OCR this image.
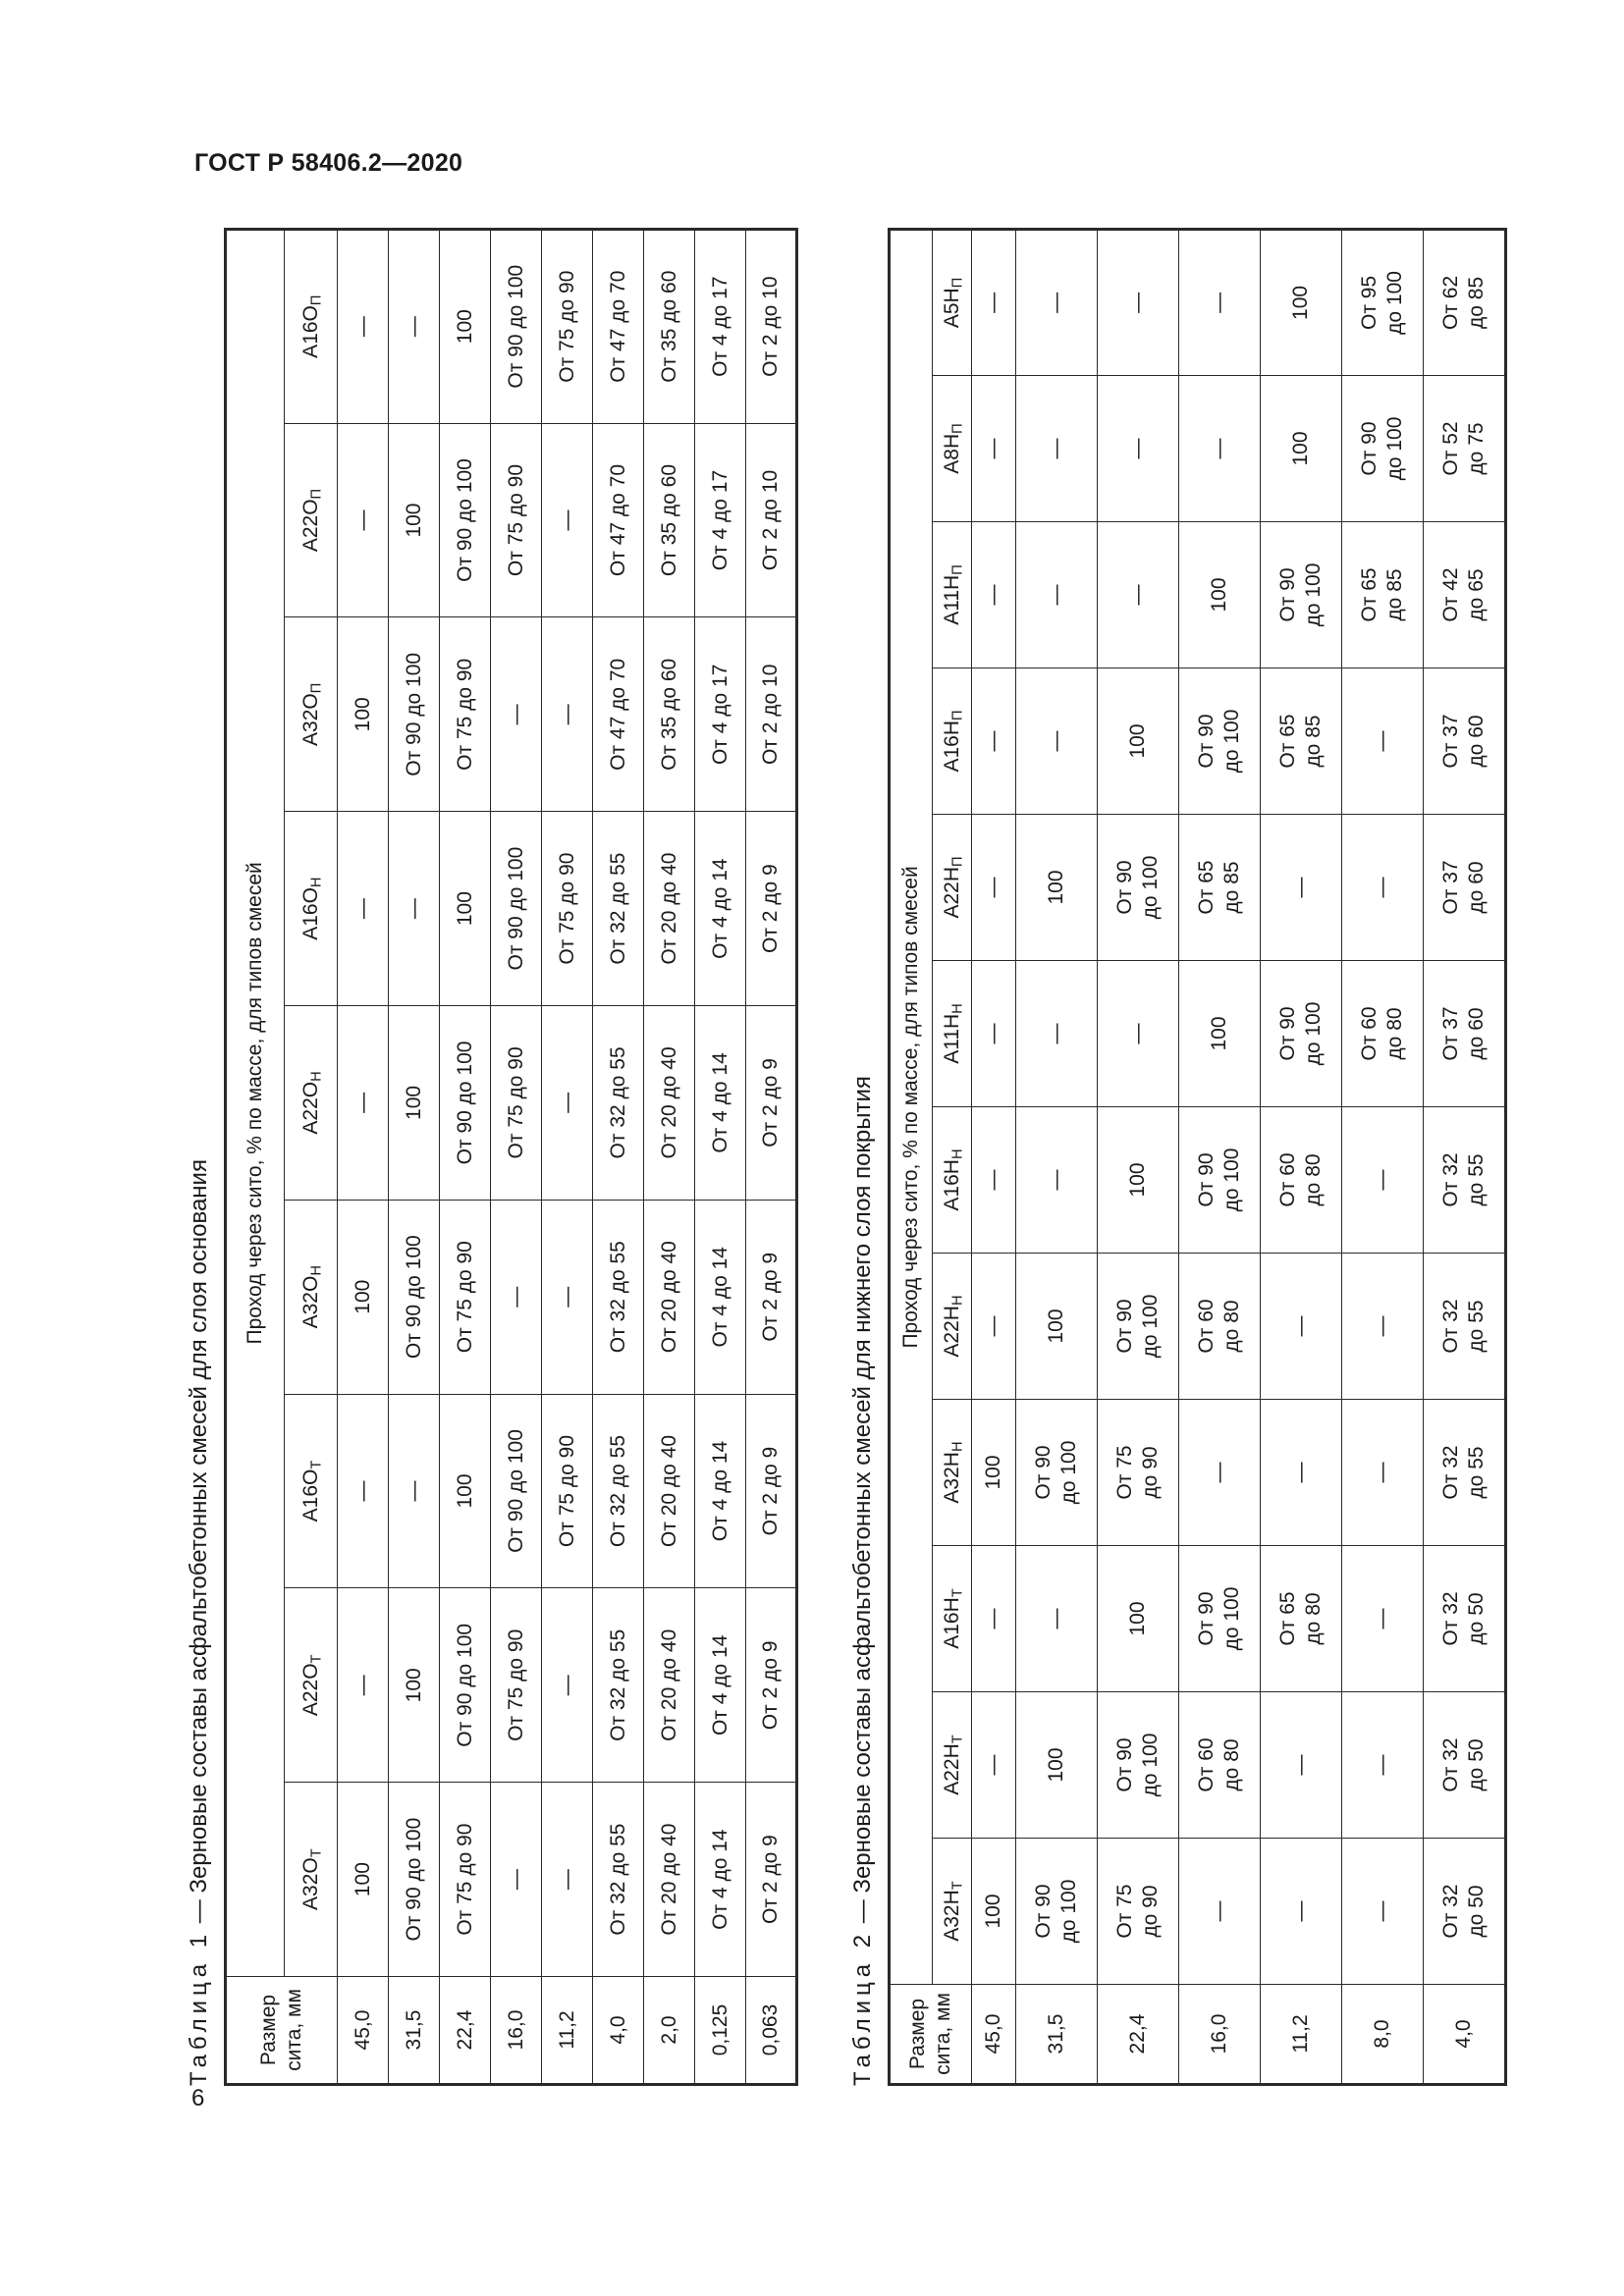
ГОСТ Р 58406.2—2020
Таблица 1 — Зерновые составы асфальтобетонных смесей для слоя основания
Размер сита, мм	Проход через сито, % по массе, для типов смесей								
	$А32О_Т$	$А22О_Т$	$А16О_Т$	$А32О_Н$	$А22О_Н$	$А16О_Н$	$А32О_П$	$А22О_П$	$А16О_П$
45,0	100	—	—	100	—	—	100	—	—
31,5	От 90 до 100	100	—	От 90 до 100	100	—	От 90 до 100	100	—
22,4	От 75 до 90	От 90 до 100	100	От 75 до 90	От 90 до 100	100	От 75 до 90	От 90 до 100	100
16,0	—	От 75 до 90	От 90 до 100	—	От 75 до 90	От 90 до 100	—	От 75 до 90	От 90 до 100
11,2	—	—	От 75 до 90	—	—	От 75 до 90	—	—	От 75 до 90
4,0	От 32 до 55	От 32 до 55	От 32 до 55	От 32 до 55	От 32 до 55	От 32 до 55	От 47 до 70	От 47 до 70	От 47 до 70
2,0	От 20 до 40	От 20 до 40	От 20 до 40	От 20 до 40	От 20 до 40	От 20 до 40	От 35 до 60	От 35 до 60	От 35 до 60
0,125	От 4 до 14	От 4 до 14	От 4 до 14	От 4 до 14	От 4 до 14	От 4 до 14	От 4 до 17	От 4 до 17	От 4 до 17
0,063	От 2 до 9	От 2 до 9	От 2 до 9	От 2 до 9	От 2 до 9	От 2 до 9	От 2 до 10	От 2 до 10	От 2 до 10
Таблица 2 — Зерновые составы асфальтобетонных смесей для нижнего слоя покрытия
Размер сита, мм	Проход через сито, % по массе, для типов смесей											
	$А32Н_Т$	$А22Н_Т$	$А16Н_Т$	$А32Н_Н$	$А22Н_Н$	$А16Н_Н$	$А11Н_Н$	$А22Н_П$	$А16Н_П$	$А11Н_П$	$А8Н_П$	$А5Н_П$
45,0	100	—	—	100	—	—	—	—	—	—	—	—
31,5	От 90 до 100	100	—	От 90 до 100	100	—	—	100	—	—	—	—
22,4	От 75 до 90	От 90 до 100	100	От 75 до 90	От 90 до 100	100	—	От 90 до 100	100	—	—	—
16,0	—	От 60 до 80	От 90 до 100	—	От 60 до 80	От 90 до 100	100	От 65 до 85	От 90 до 100	100	—	—
11,2	—	—	От 65 до 80	—	—	От 60 до 80	От 90 до 100	—	От 65 до 85	От 90 до 100	100	100
8,0	—	—	—	—	—	—	От 60 до 80	—	—	От 65 до 85	От 90 до 100	От 95 до 100
4,0	От 32 до 50	От 32 до 50	От 32 до 50	От 32 до 55	От 32 до 55	От 32 до 55	От 37 до 60	От 37 до 60	От 37 до 60	От 42 до 65	От 52 до 75	От 62 до 85
6
